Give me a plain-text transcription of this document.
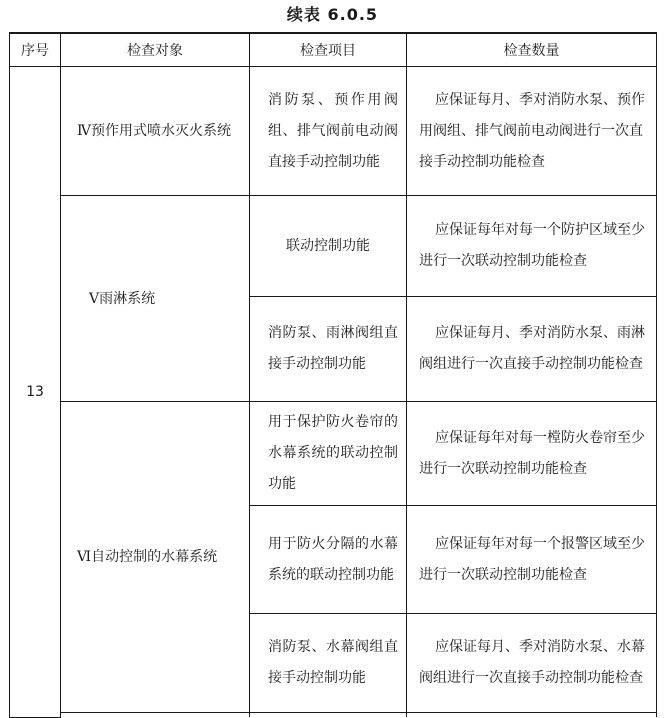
续表 6.0.5
序号	检查对象	检查项目	检查数量
13	Ⅳ预作用式喷水灭火系统	消防泵、预作用阀组、排气阀前电动阀直接手动控制功能	应保证每月、季对消防水泵、预作用阀组、排气阀前电动阀进行一次直接手动控制功能检查

	Ⅴ雨淋系统	联动控制功能	应保证每年对每一个防护区域至少进行一次联动控制功能检查

		消防泵、雨淋阀组直接手动控制功能	应保证每月、季对消防水泵、雨淋阀组进行一次直接手动控制功能检查

	Ⅵ自动控制的水幕系统	用于保护防火卷帘的水幕系统的联动控制功能	应保证每年对每一樘防火卷帘至少进行一次联动控制功能检查

		用于防火分隔的水幕系统的联动控制功能	应保证每年对每一个报警区域至少进行一次联动控制功能检查

		消防泵、水幕阀组直接手动控制功能	应保证每月、季对消防水泵、水幕阀组进行一次直接手动控制功能检查
